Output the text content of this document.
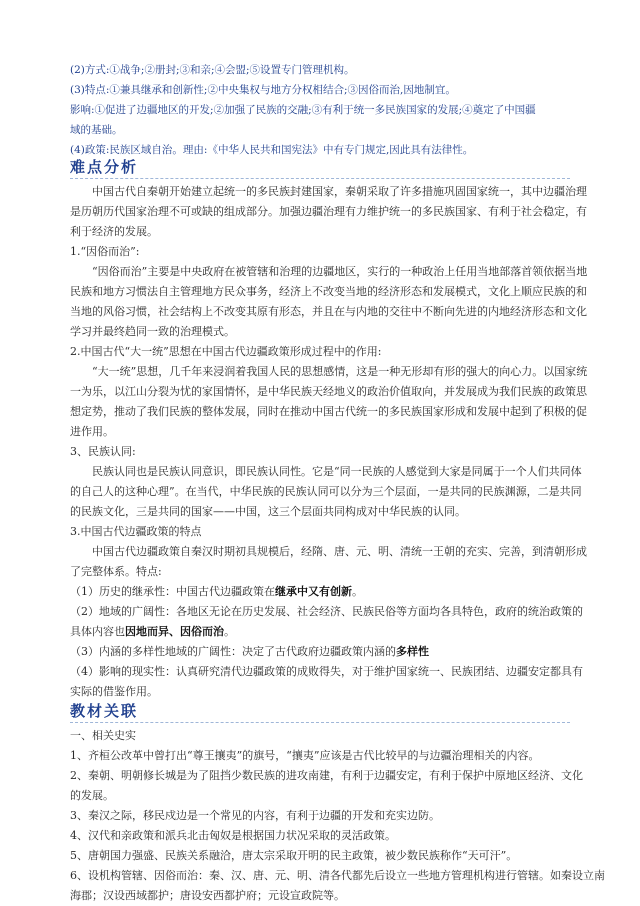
(2)方式:①战争;②册封;③和亲;④会盟;⑤设置专门管理机构。

(3)特点:①兼具继承和创新性;②中央集权与地方分权相结合;③因俗而治,因地制宜。

影响:①促进了边疆地区的开发;②加强了民族的交融;③有利于统一多民族国家的发展;④奠定了中国疆

域的基础。

(4)政策:民族区域自治。理由:《中华人民共和国宪法》中有专门规定,因此具有法律性。

难点分析

中国古代自秦朝开始建立起统一的多民族封建国家，秦朝采取了许多措施巩固国家统一，其中边疆治理是历朝历代国家治理不可或缺的组成部分。加强边疆治理有力维护统一的多民族国家、有利于社会稳定，有利于经济的发展。

1.“因俗而治”:

“因俗而治”主要是中央政府在被管辖和治理的边疆地区，实行的一种政治上任用当地部落首领依据当地民族和地方习惯法自主管理地方民众事务，经济上不改变当地的经济形态和发展模式，文化上顺应民族的和当地的风俗习惯，社会结构上不改变其原有形态，并且在与内地的交往中不断向先进的内地经济形态和文化学习并最终趋同一致的治理模式。

2.中国古代“大一统”思想在中国古代边疆政策形成过程中的作用:

“大一统”思想，几千年来浸润着我国人民的思想感情，这是一种无形却有形的强大的向心力。以国家统一为乐，以江山分裂为忧的家国情怀，是中华民族天经地义的政治价值取向，并发展成为我们民族的政策思想定势，推动了我们民族的整体发展，同时在推动中国古代统一的多民族国家形成和发展中起到了积极的促进作用。

3、民族认同:

民族认同也是民族认同意识，即民族认同性。它是“同一民族的人感觉到大家是同属于一个人们共同体的自己人的这种心理”。在当代，中华民族的民族认同可以分为三个层面，一是共同的民族渊源，二是共同的民族文化，三是共同的国家——中国，这三个层面共同构成对中华民族的认同。

3.中国古代边疆政策的特点

中国古代边疆政策自秦汉时期初具规模后，经隋、唐、元、明、清统一王朝的充实、完善，到清朝形成了完整体系。特点:

（1）历史的继承性：中国古代边疆政策在继承中又有创新。

（2）地域的广阔性：各地区无论在历史发展、社会经济、民族民俗等方面均各具特色，政府的统治政策的具体内容也因地而异、因俗而治。

（3）内涵的多样性地域的广阔性：决定了古代政府边疆政策内涵的多样性

（4）影响的现实性：认真研究清代边疆政策的成败得失，对于维护国家统一、民族团结、边疆安定都具有实际的借鉴作用。

教材关联

一、相关史实

1、齐桓公改革中曾打出“尊王攘夷”的旗号，“攘夷”应该是古代比较早的与边疆治理相关的内容。

2、秦朝、明朝修长城是为了阻挡少数民族的进攻南建，有利于边疆安定，有利于保护中原地区经济、文化的发展。

3、秦汉之际，移民戍边是一个常见的内容，有利于边疆的开发和充实边防。

4、汉代和亲政策和派兵北击匈奴是根据国力状况采取的灵活政策。

5、唐朝国力强盛、民族关系融洽，唐太宗采取开明的民主政策，被少数民族称作“天可汗”。

6、设机构管辖、因俗而治：秦、汉、唐、元、明、清各代都先后设立一些地方管理机构进行管辖。如秦设立南海郡；汉设西域都护；唐设安西都护府；元设宣政院等。
